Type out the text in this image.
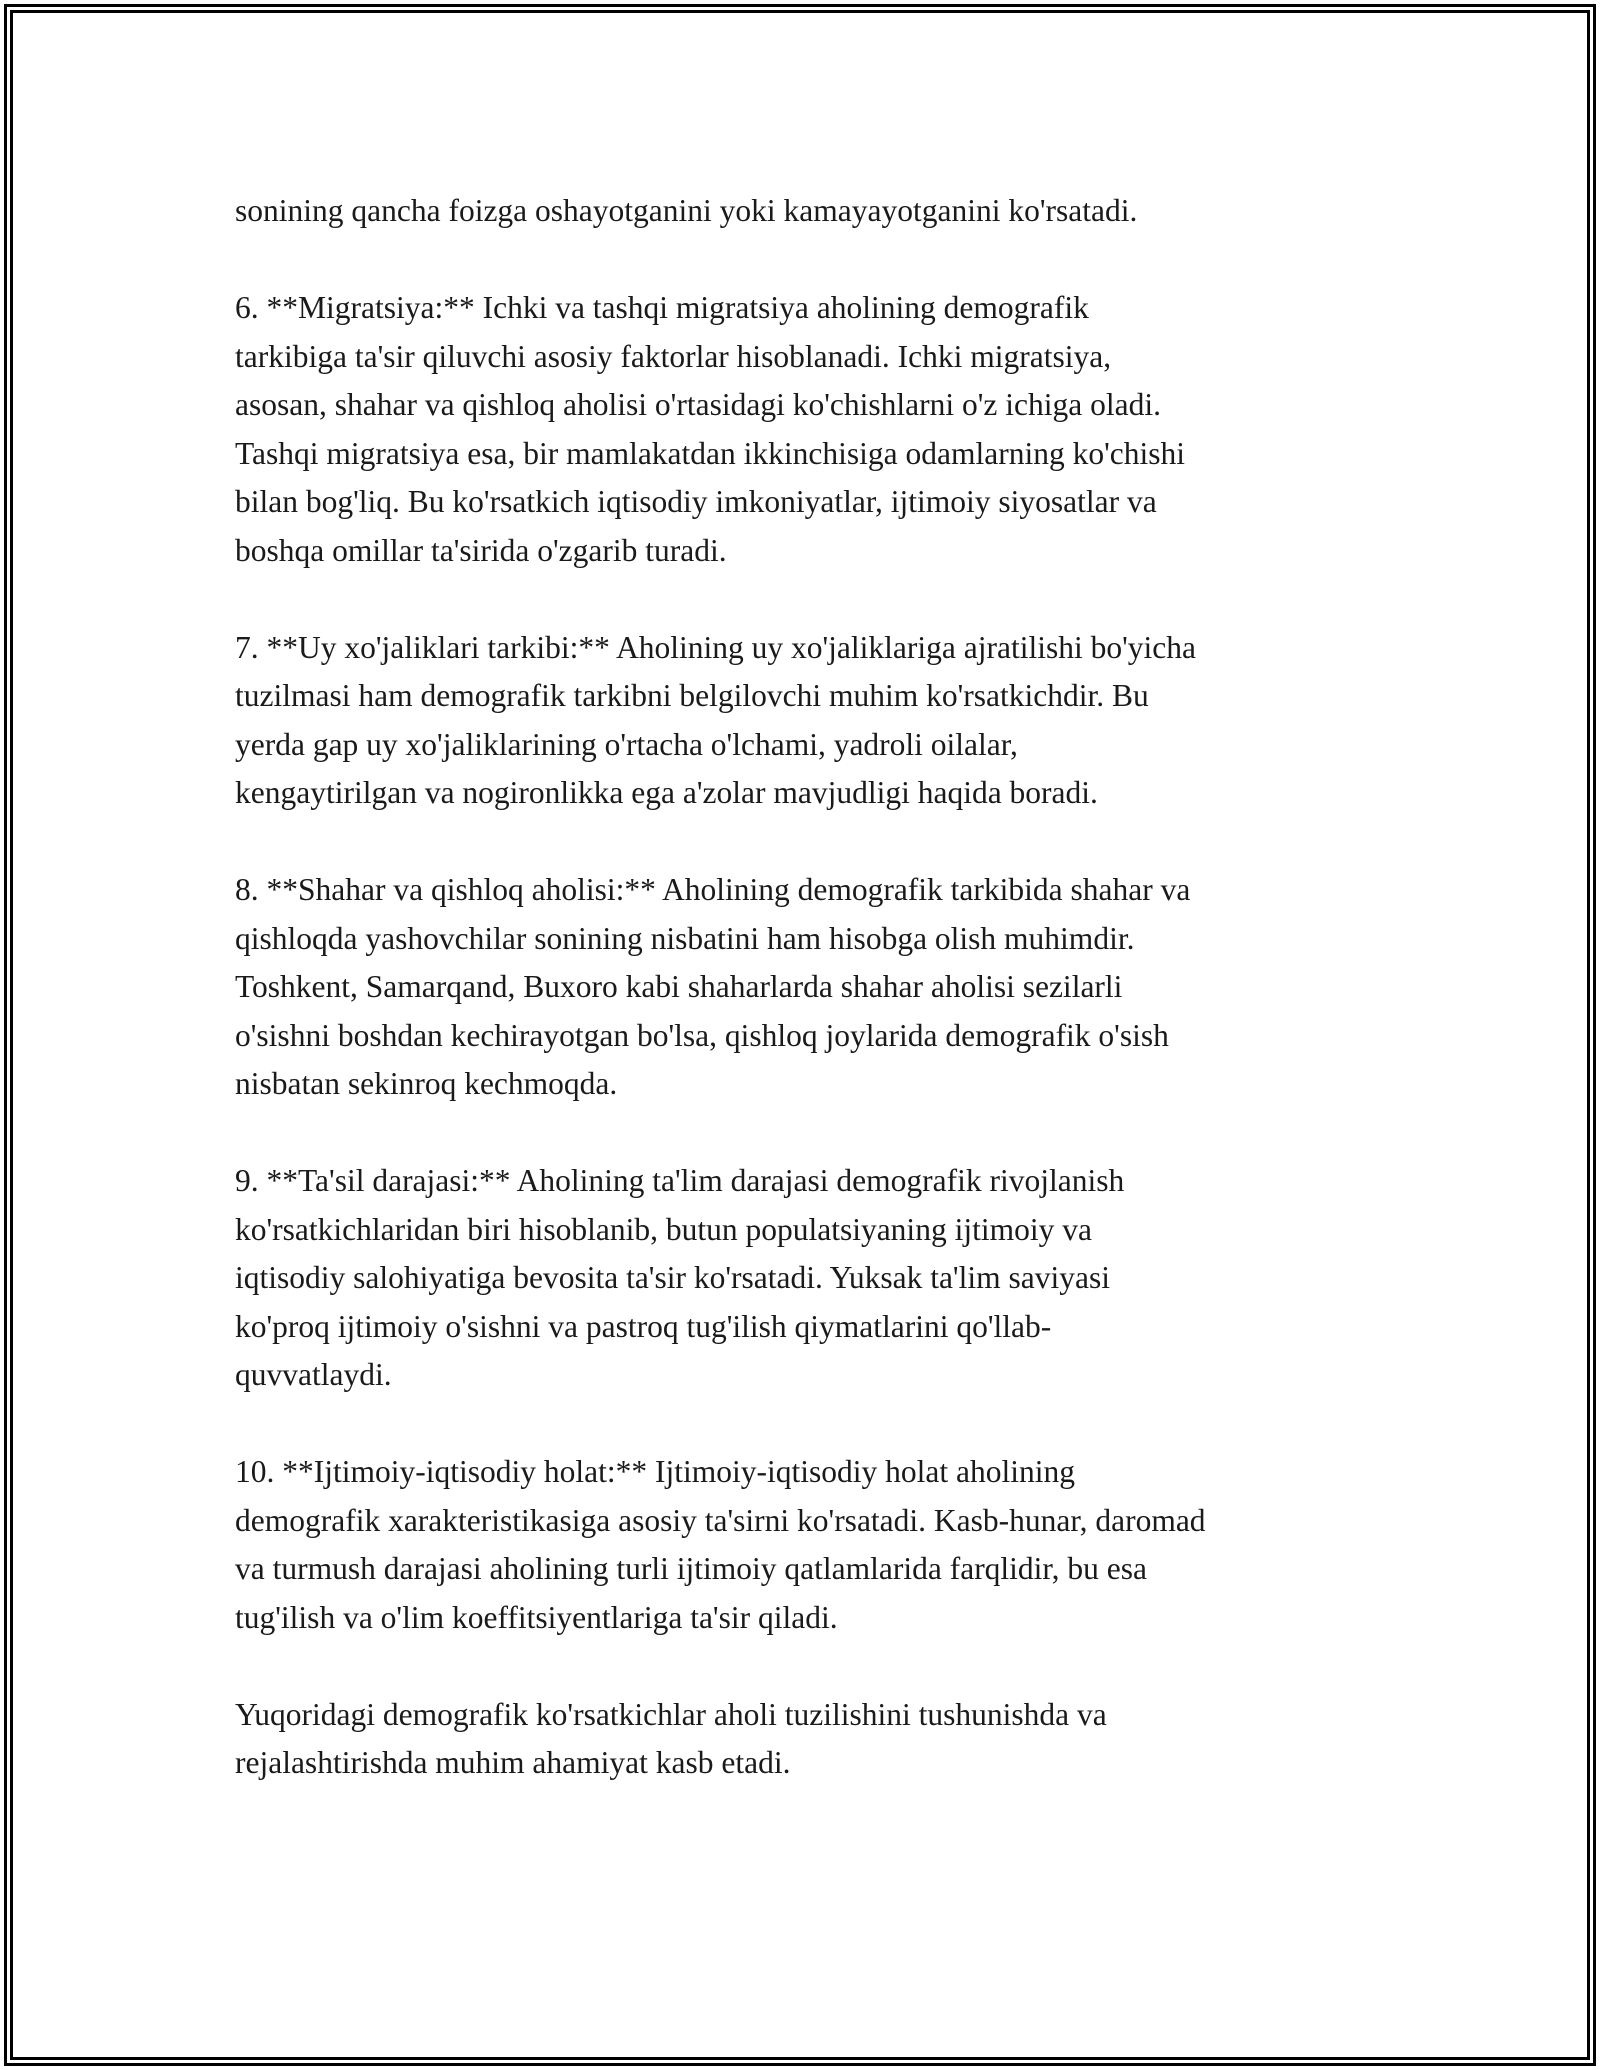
sonining qancha foizga oshayotganini yoki kamayayotganini ko'rsatadi.

6. **Migratsiya:** Ichki va tashqi migratsiya aholining demografik
tarkibiga ta'sir qiluvchi asosiy faktorlar hisoblanadi. Ichki migratsiya,
asosan, shahar va qishloq aholisi o'rtasidagi ko'chishlarni o'z ichiga oladi.
Tashqi migratsiya esa, bir mamlakatdan ikkinchisiga odamlarning ko'chishi
bilan bog'liq. Bu ko'rsatkich iqtisodiy imkoniyatlar, ijtimoiy siyosatlar va
boshqa omillar ta'sirida o'zgarib turadi.

7. **Uy xo'jaliklari tarkibi:** Aholining uy xo'jaliklariga ajratilishi bo'yicha
tuzilmasi ham demografik tarkibni belgilovchi muhim ko'rsatkichdir. Bu
yerda gap uy xo'jaliklarining o'rtacha o'lchami, yadroli oilalar,
kengaytirilgan va nogironlikka ega a'zolar mavjudligi haqida boradi.

8. **Shahar va qishloq aholisi:** Aholining demografik tarkibida shahar va
qishloqda yashovchilar sonining nisbatini ham hisobga olish muhimdir.
Toshkent, Samarqand, Buxoro kabi shaharlarda shahar aholisi sezilarli
o'sishni boshdan kechirayotgan bo'lsa, qishloq joylarida demografik o'sish
nisbatan sekinroq kechmoqda.

9. **Ta'sil darajasi:** Aholining ta'lim darajasi demografik rivojlanish
ko'rsatkichlaridan biri hisoblanib, butun populatsiyaning ijtimoiy va
iqtisodiy salohiyatiga bevosita ta'sir ko'rsatadi. Yuksak ta'lim saviyasi
ko'proq ijtimoiy o'sishni va pastroq tug'ilish qiymatlarini qo'llab-
quvvatlaydi.

10. **Ijtimoiy-iqtisodiy holat:** Ijtimoiy-iqtisodiy holat aholining
demografik xarakteristikasiga asosiy ta'sirni ko'rsatadi. Kasb-hunar, daromad
va turmush darajasi aholining turli ijtimoiy qatlamlarida farqlidir, bu esa
tug'ilish va o'lim koeffitsiyentlariga ta'sir qiladi.

Yuqoridagi demografik ko'rsatkichlar aholi tuzilishini tushunishda va
rejalashtirishda muhim ahamiyat kasb etadi.
